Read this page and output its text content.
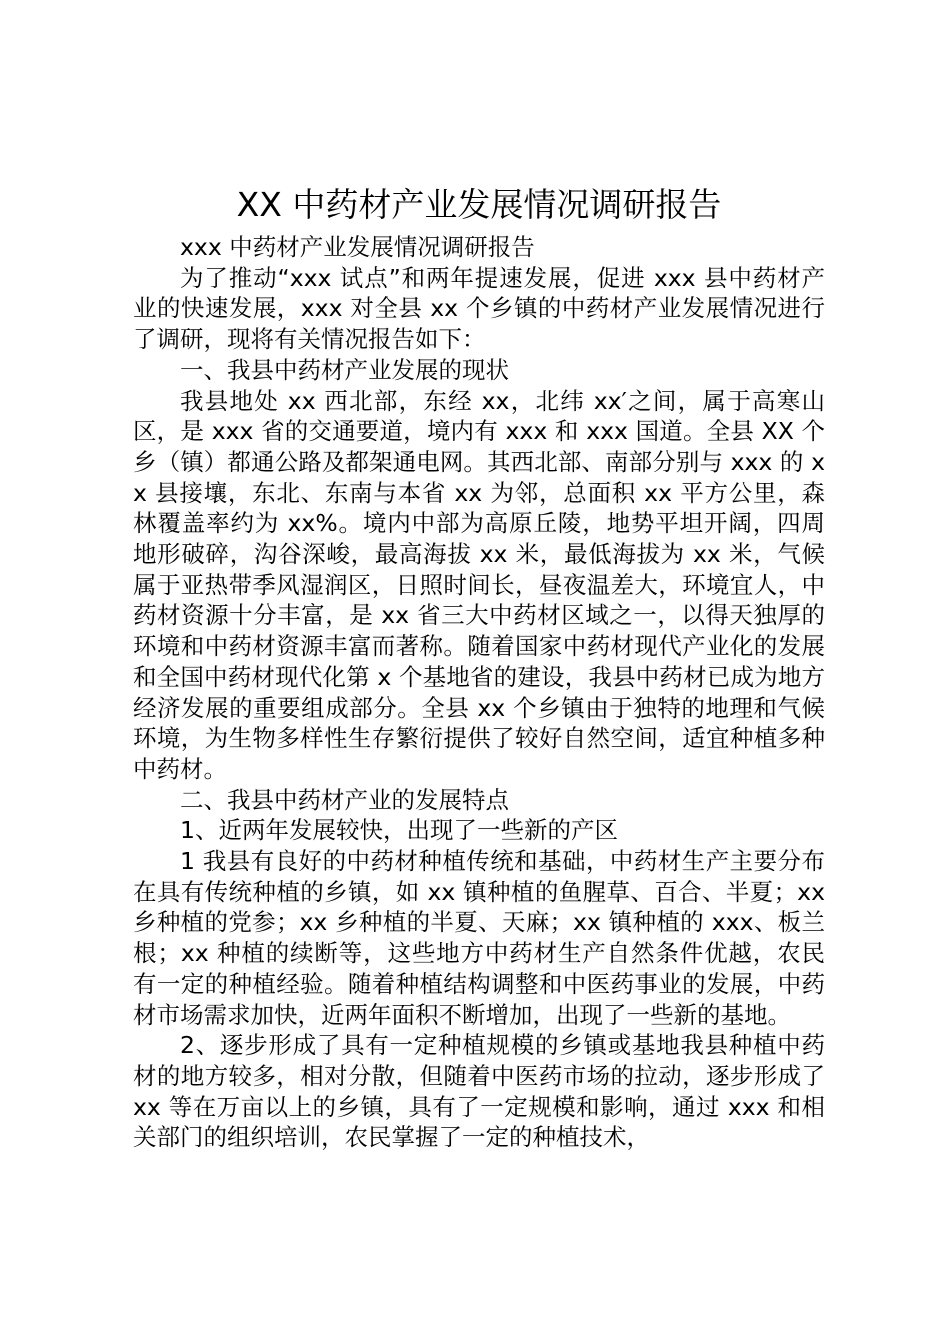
XX 中药材产业发展情况调研报告

xxx 中药材产业发展情况调研报告

为了推动“xxx 试点”和两年提速发展，促进 xxx 县中药材产业的快速发展，xxx 对全县 xx 个乡镇的中药材产业发展情况进行了调研，现将有关情况报告如下：

一、我县中药材产业发展的现状

我县地处 xx 西北部，东经 xx，北纬 xx′之间，属于高寒山区，是 xxx 省的交通要道，境内有 xxx 和 xxx 国道。全县 XX 个乡（镇）都通公路及都架通电网。其西北部、南部分别与 xxx 的 xx 县接壤，东北、东南与本省 xx 为邻，总面积 xx 平方公里，森林覆盖率约为 xx%。境内中部为高原丘陵，地势平坦开阔，四周地形破碎，沟谷深峻，最高海拔 xx 米，最低海拔为 xx 米，气候属于亚热带季风湿润区，日照时间长，昼夜温差大，环境宜人，中药材资源十分丰富，是 xx 省三大中药材区域之一，以得天独厚的环境和中药材资源丰富而著称。随着国家中药材现代产业化的发展和全国中药材现代化第 x 个基地省的建设，我县中药材已成为地方经济发展的重要组成部分。全县 xx 个乡镇由于独特的地理和气候环境，为生物多样性生存繁衍提供了较好自然空间，适宜种植多种中药材。

二、我县中药材产业的发展特点

1、近两年发展较快，出现了一些新的产区

1 我县有良好的中药材种植传统和基础，中药材生产主要分布在具有传统种植的乡镇，如 xx 镇种植的鱼腥草、百合、半夏；xx 乡种植的党参；xx 乡种植的半夏、天麻；xx 镇种植的 xxx、板兰根；xx 种植的续断等，这些地方中药材生产自然条件优越，农民有一定的种植经验。随着种植结构调整和中医药事业的发展，中药材市场需求加快，近两年面积不断增加，出现了一些新的基地。

2、逐步形成了具有一定种植规模的乡镇或基地我县种植中药材的地方较多，相对分散，但随着中医药市场的拉动，逐步形成了 xx 等在万亩以上的乡镇，具有了一定规模和影响，通过 xxx 和相关部门的组织培训，农民掌握了一定的种植技术，
